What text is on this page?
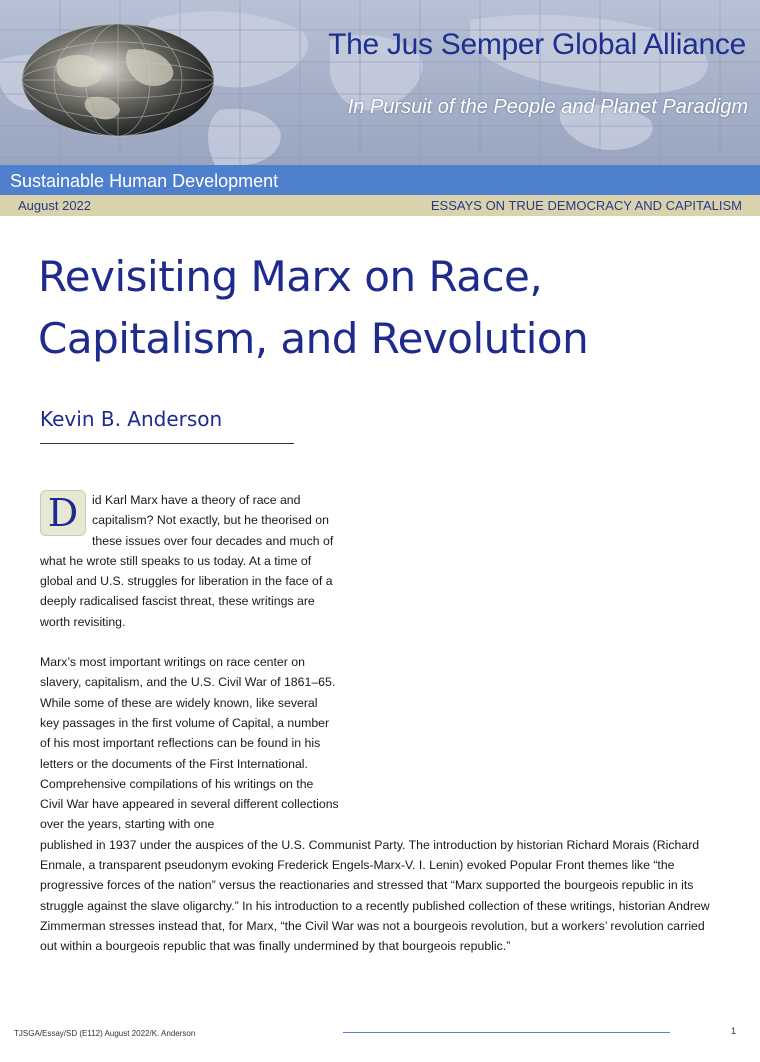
The Jus Semper Global Alliance
In Pursuit of the People and Planet Paradigm
Sustainable Human Development
August 2022	ESSAYS ON TRUE DEMOCRACY AND CAPITALISM
Revisiting Marx on Race,
Capitalism, and Revolution
Kevin B. Anderson
D	id Karl Marx have a theory of race and capitalism? Not exactly, but he theorised on these issues over four decades and much of what he wrote still speaks to us today. At a time of global and U.S. struggles for liberation in the face of a deeply radicalised fascist threat, these writings are worth revisiting.
Marx’s most important writings on race center on slavery, capitalism, and the U.S. Civil War of 1861–65. While some of these are widely known, like several key passages in the first volume of Capital, a number of his most important reflections can be found in his letters or the documents of the First International. Comprehensive compilations of his writings on the Civil War have appeared in several different collections over the years, starting with one
published in 1937 under the auspices of the U.S. Communist Party. The introduction by historian Richard Morais (Richard Enmale, a transparent pseudonym evoking Frederick Engels-Marx-V. I. Lenin) evoked Popular Front themes like “the progressive forces of the nation” versus the reactionaries and stressed that “Marx supported the bourgeois republic in its struggle against the slave oligarchy.” In his introduction to a recently published collection of these writings, historian Andrew Zimmerman stresses instead that, for Marx, “the Civil War was not a bourgeois revolution, but a workers’ revolution carried out within a bourgeois republic that was finally undermined by that bourgeois republic.”
TJSGA/Essay/SD (E112) August 2022/K. Anderson	1
